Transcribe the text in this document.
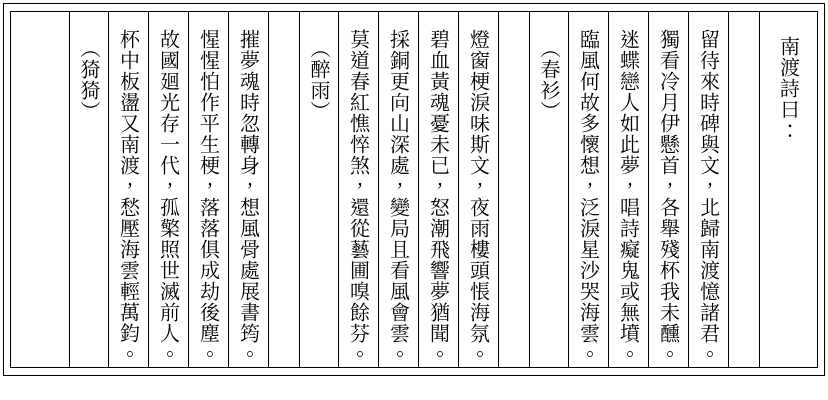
南渡詩曰：
留待來時碑與文，北歸南渡憶諸君。
獨看冷月伊懸首，各舉殘杯我未醺。
迷蝶戀人如此夢，唱詩癡鬼或無墳。
臨風何故多懷想，泛淚星沙哭海雲。
（春衫）
燈窗梗淚味斯文，夜雨樓頭悵海氛。
碧血黃魂憂未已，怒潮飛響夢猶聞。
採銅更向山深處，變局且看風會雲。
莫道春紅憔悴煞，還從藝圃嗅餘芬。
（醉雨）
摧夢魂時忽轉身，想風骨處展書筠。
惺惺怕作平生梗，落落俱成劫後塵。
故國廻光存一代，孤檠照世滅前人。
杯中板盪又南渡，愁壓海雲輕萬鈞。
（猗猗）
